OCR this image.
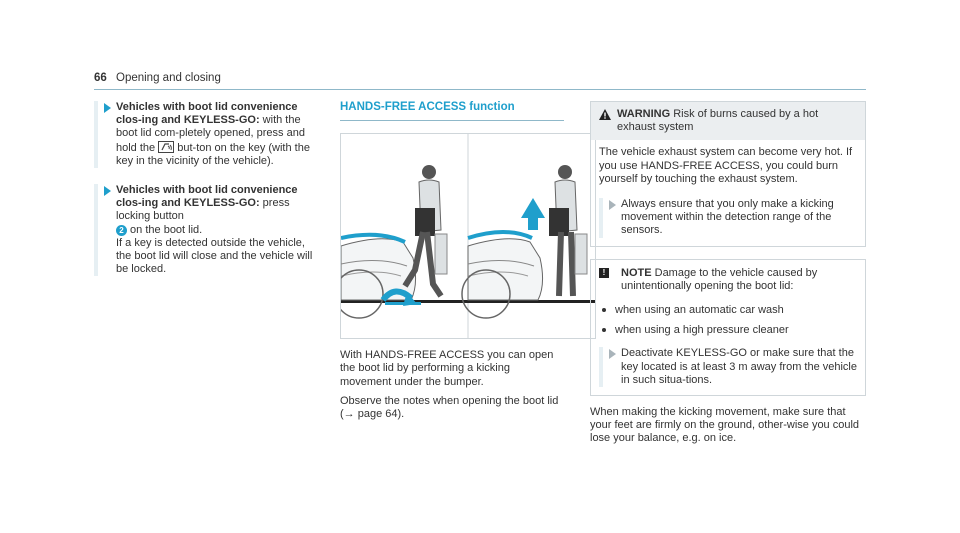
66 Opening and closing
Vehicles with boot lid convenience clos-ing and KEYLESS-GO: with the boot lid com-pletely opened, press and hold the
but-ton on the key (with the key in the vicinity of the vehicle).
Vehicles with boot lid convenience clos-ing and KEYLESS-GO: press locking button
2 on the boot lid.
If a key is detected outside the vehicle, the boot lid will close and the vehicle will be locked.
HANDS-FREE ACCESS function
With HANDS-FREE ACCESS you can open the boot lid by performing a kicking movement under the bumper.
Observe the notes when opening the boot lid (→ page 64).
WARNING Risk of burns caused by a hot exhaust system
The vehicle exhaust system can become very hot. If you use HANDS-FREE ACCESS, you could burn yourself by touching the exhaust system.
Always ensure that you only make a kicking movement within the detection range of the sensors.
!	NOTE Damage to the vehicle caused by unintentionally opening the boot lid:
when using an automatic car wash
when using a high pressure cleaner
Deactivate KEYLESS-GO or make sure that the key located is at least 3 m away from the vehicle in such situa-tions.
When making the kicking movement, make sure that your feet are firmly on the ground, other-wise you could lose your balance, e.g. on ice.
